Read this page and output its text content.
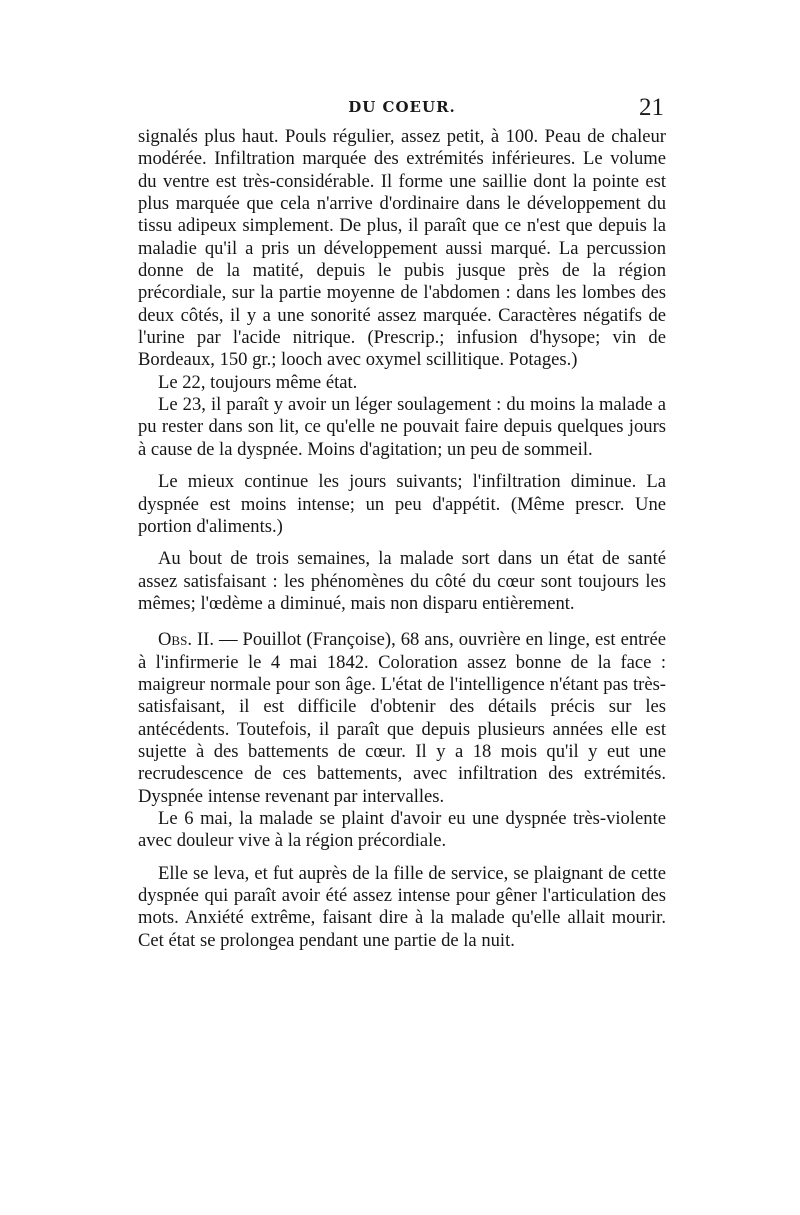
DU COEUR.	21

signalés plus haut. Pouls régulier, assez petit, à 100. Peau de chaleur modérée. Infiltration marquée des extrémités inférieures. Le volume du ventre est très-considérable. Il forme une saillie dont la pointe est plus marquée que cela n'arrive d'ordinaire dans le développement du tissu adipeux simplement. De plus, il paraît que ce n'est que depuis la maladie qu'il a pris un développement aussi marqué. La percussion donne de la matité, depuis le pubis jusque près de la région précordiale, sur la partie moyenne de l'abdomen : dans les lombes des deux côtés, il y a une sonorité assez marquée. Caractères négatifs de l'urine par l'acide nitrique. (Prescrip.; infusion d'hysope; vin de Bordeaux, 150 gr.; looch avec oxymel scillitique. Potages.)

Le 22, toujours même état.

Le 23, il paraît y avoir un léger soulagement : du moins la malade a pu rester dans son lit, ce qu'elle ne pouvait faire depuis quelques jours à cause de la dyspnée. Moins d'agitation; un peu de sommeil.

Le mieux continue les jours suivants; l'infiltration diminue. La dyspnée est moins intense; un peu d'appétit. (Même prescr. Une portion d'aliments.)

Au bout de trois semaines, la malade sort dans un état de santé assez satisfaisant : les phénomènes du côté du cœur sont toujours les mêmes; l'œdème a diminué, mais non disparu entièrement.

Obs. II. — Pouillot (Françoise), 68 ans, ouvrière en linge, est entrée à l'infirmerie le 4 mai 1842. Coloration assez bonne de la face : maigreur normale pour son âge. L'état de l'intelligence n'étant pas très-satisfaisant, il est difficile d'obtenir des détails précis sur les antécédents. Toutefois, il paraît que depuis plusieurs années elle est sujette à des battements de cœur. Il y a 18 mois qu'il y eut une recrudescence de ces battements, avec infiltration des extrémités. Dyspnée intense revenant par intervalles.

Le 6 mai, la malade se plaint d'avoir eu une dyspnée très-violente avec douleur vive à la région précordiale.

Elle se leva, et fut auprès de la fille de service, se plaignant de cette dyspnée qui paraît avoir été assez intense pour gêner l'articulation des mots. Anxiété extrême, faisant dire à la malade qu'elle allait mourir. Cet état se prolongea pendant une partie de la nuit.
